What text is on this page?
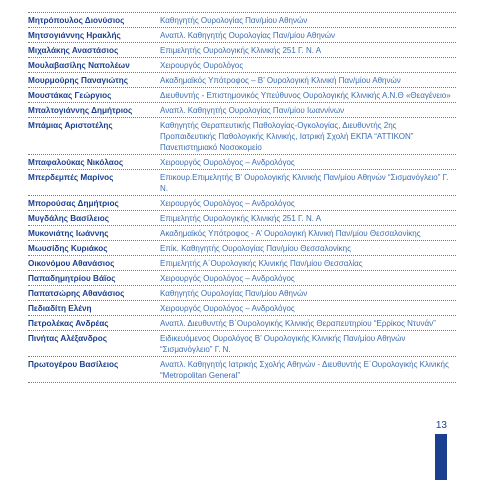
Μητρόπουλος Διονύσιος	Καθηγητής Ουρολογίας Παν/μίου Αθηνών
Μητσογιάννης Ηρακλής	Αναπλ. Καθηγητής Ουρολογίας Παν/μίου Αθηνών
Μιχαλάκης Αναστάσιος	Επιμελητής Ουρολογικής Κλινικής 251 Γ. Ν. Α
Μουλαβασίλης Ναπολέων	Χειρουργός Ουρολόγος
Μουρμούρης Παναγιώτης	Ακαδημαϊκός Υπότροφος – Β’ Ουρολογική Κλινική Παν/μίου Αθηνών
Μουστάκας Γεώργιος	Διευθυντής - Επιστημονικός Υπεύθυνος Ουρολογικής Κλινικής Α.Ν.Θ «Θεαγένειο»
Μπαλτογιάννης Δημήτριος	Αναπλ. Καθηγητής Ουρολογίας Παν/μίου Ιωαννίνων
Μπάμιας Αριστοτέλης	Καθηγητής Θεραπευτικής Παθολογίας-Ογκολογίας, Διευθυντής 2ης Προπαιδευτικής Παθολογικής Κλινικής, Ιατρική Σχολή ΕΚΠΑ “ΑΤΤΙΚΟΝ” Πανεπιστημιακό Νοσοκομείο
Μπαφαλούκας Νικόλαος	Χειρουργός Ουρολόγος – Ανδρολόγος
Μπερδεμπές Μαρίνος	Επικουρ.Επιμελητής Β’ Ουρολογικής Κλινικής Παν/μίου Αθηνών “Σισμανόγλειο” Γ. Ν.
Μπορούσας Δημήτριος	Χειρουργός Ουρολόγος – Ανδρολόγος
Μυγδάλης Βασίλειος	Επιμελητής Ουρολογικής Κλινικής 251 Γ. Ν. Α
Μυκονιάτης Ιωάννης	Ακαδημαϊκός Υπότροφος - Α’ Ουρολογική Κλινική Παν/μίου Θεσσαλονίκης
Μωυσίδης Κυριάκος	Επίκ. Καθηγητής Ουρολογίας Παν/μίου Θεσσαλονίκης
Οικονόμου Αθανάσιος	Επιμελητής Α΄Ουρολογικής Κλινικής Παν/μίου Θεσσαλίας
Παπαδημητρίου Βάϊος	Χειρουργός Ουρολόγος – Ανδρολόγος
Παπατσώρης Αθανάσιος	Καθηγητής Ουρολογίας Παν/μίου Αθηνών
Πεδιαδίτη Ελένη	Χειρουργός Ουρολόγος – Ανδρολόγος
Πετρολέκας Ανδρέας	Αναπλ. Διευθυντής Β΄Ουρολογικής Κλινικής Θεραπευτηρίου “Ερρίκος Ντυνάν”
Πινήτας Αλέξανδρος	Ειδικευόμενος Ουρολόγος Β’ Ουρολογικής Κλινικής Παν/μίου Αθηνών “Σισμανόγλειο” Γ. Ν.
Πρωτογέρου Βασίλειος	Αναπλ. Καθηγητής Ιατρικής Σχολής Αθηνών - Διευθυντής Ε΄Ουρολογικής Κλινικής “Metropolitan General”
13
